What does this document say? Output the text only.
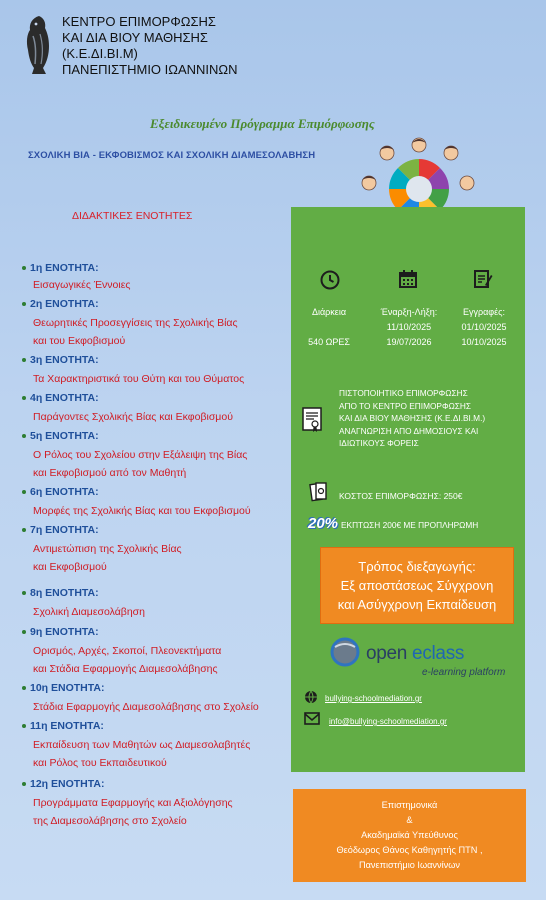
ΚΕΝΤΡΟ ΕΠΙΜΟΡΦΩΣΗΣ
ΚΑΙ ΔΙΑ ΒΙΟΥ ΜΑΘΗΣΗΣ
(Κ.Ε.ΔΙ.ΒΙ.Μ)
ΠΑΝΕΠΙΣΤΗΜΙΟ ΙΩΑΝΝΙΝΩΝ
Εξειδικευμένο Πρόγραμμα Επιμόρφωσης
ΣΧΟΛΙΚΗ ΒΙΑ - ΕΚΦΟΒΙΣΜΟΣ ΚΑΙ ΣΧΟΛΙΚΗ ΔΙΑΜΕΣΟΛΑΒΗΣΗ
ΔΙΔΑΚΤΙΚΕΣ ΕΝΟΤΗΤΕΣ
1η ΕΝΟΤΗΤΑ:
Εισαγωγικές Έννοιες
2η ΕΝΟΤΗΤΑ:
Θεωρητικές Προσεγγίσεις της Σχολικής Βίας
και του Εκφοβισμού
3η ΕΝΟΤΗΤΑ:
Τα Χαρακτηριστικά του Θύτη και του Θύματος
4η ΕΝΟΤΗΤΑ:
Παράγοντες Σχολικής Βίας και Εκφοβισμού
5η ΕΝΟΤΗΤΑ:
Ο Ρόλος του Σχολείου στην Εξάλειψη της Βίας
και Εκφοβισμού από τον Μαθητή
6η ΕΝΟΤΗΤΑ:
Μορφές της Σχολικής Βίας και του Εκφοβισμού
7η ΕΝΟΤΗΤΑ:
Αντιμετώπιση της Σχολικής Βίας
και Εκφοβισμού
8η ΕΝΟΤΗΤΑ:
Σχολική Διαμεσολάβηση
9η ΕΝΟΤΗΤΑ:
Ορισμός, Αρχές, Σκοποί, Πλεονεκτήματα
και Στάδια Εφαρμογής Διαμεσολάβησης
10η ΕΝΟΤΗΤΑ:
Στάδια Εφαρμογής Διαμεσολάβησης στο Σχολείο
11η ΕΝΟΤΗΤΑ:
Εκπαίδευση των Μαθητών ως Διαμεσολαβητές
και Ρόλος του Εκπαιδευτικού
12η ΕΝΟΤΗΤΑ:
Προγράμματα Εφαρμογής και Αξιολόγησης
της Διαμεσολάβησης στο Σχολείο
Διάρκεια
540 ΩΡΕΣ
Έναρξη-Λήξη:
11/10/2025
19/07/2026
Εγγραφές:
01/10/2025
10/10/2025
ΠΙΣΤΟΠΟΙΗΤΙΚΟ ΕΠΙΜΟΡΦΩΣΗΣ
ΑΠΟ ΤΟ ΚΕΝΤΡΟ ΕΠΙΜΟΡΦΩΣΗΣ
ΚΑΙ ΔΙΑ ΒΙΟΥ ΜΑΘΗΣΗΣ (Κ.Ε.ΔΙ.ΒΙ.Μ.)
ΑΝΑΓΝΩΡΙΣΗ ΑΠΟ ΔΗΜΟΣΙΟΥΣ ΚΑΙ
ΙΔΙΩΤΙΚΟΥΣ ΦΟΡΕΙΣ
ΚΟΣΤΟΣ ΕΠΙΜΟΡΦΩΣΗΣ: 250€
20% ΕΚΠΤΩΣΗ 200€ ΜΕ ΠΡΟΠΛΗΡΩΜΗ
Τρόπος διεξαγωγής:
Εξ αποστάσεως Σύγχρονη
και Ασύγχρονη Εκπαίδευση
open eclass
e-learning platform
bullying-schoolmediation.gr
info@bullying-schoolmediation.gr
Επιστημονικά
&
Ακαδημαϊκά Υπεύθυνος
Θεόδωρος Θάνος Καθηγητής ΠΤΝ ,
Πανεπιστήμιο Ιωαννίνων
